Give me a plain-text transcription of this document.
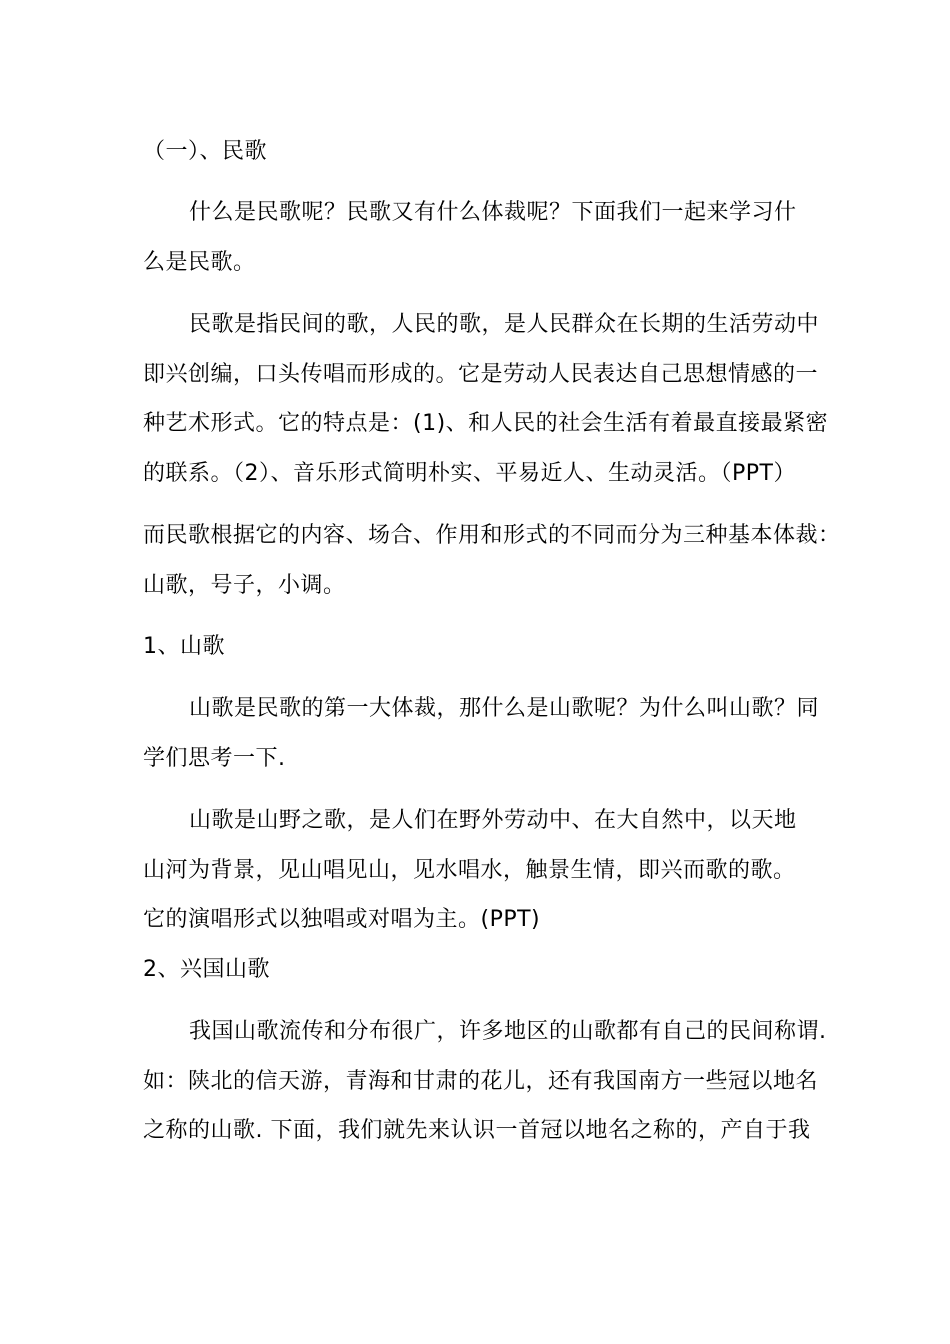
（一）、民歌
什么是民歌呢？民歌又有什么体裁呢？下面我们一起来学习什
么是民歌。
民歌是指民间的歌，人民的歌，是人民群众在长期的生活劳动中
即兴创编，口头传唱而形成的。它是劳动人民表达自己思想情感的一
种艺术形式。它的特点是：(1)、和人民的社会生活有着最直接最紧密
的联系。（2）、音乐形式简明朴实、平易近人、生动灵活。（PPT）
而民歌根据它的内容、场合、作用和形式的不同而分为三种基本体裁：
山歌，号子，小调。
1、山歌
山歌是民歌的第一大体裁，那什么是山歌呢？为什么叫山歌？同
学们思考一下.
山歌是山野之歌，是人们在野外劳动中、在大自然中，以天地
山河为背景，见山唱见山，见水唱水，触景生情，即兴而歌的歌。
它的演唱形式以独唱或对唱为主。(PPT)
2、兴国山歌
我国山歌流传和分布很广，许多地区的山歌都有自己的民间称谓.
如：陕北的信天游，青海和甘肃的花儿，还有我国南方一些冠以地名
之称的山歌. 下面，我们就先来认识一首冠以地名之称的，产自于我
